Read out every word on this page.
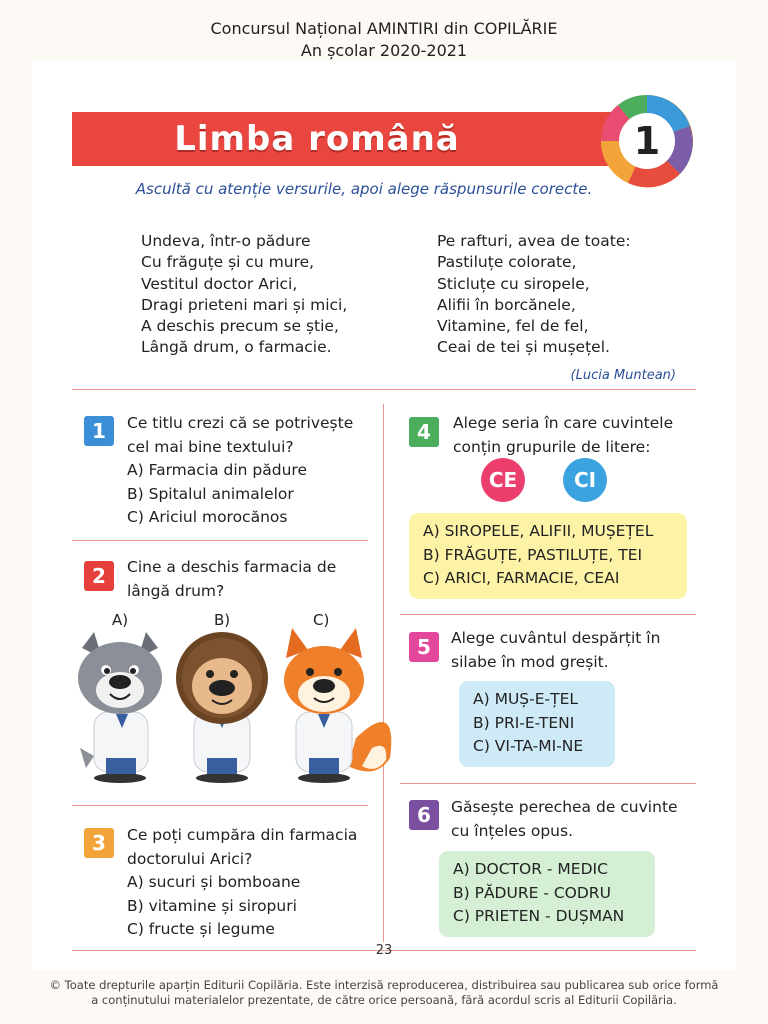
Concursul Național AMINTIRI din COPILĂRIE
An școlar 2020-2021
Limba română	1
Ascultă cu atenție versurile, apoi alege răspunsurile corecte.
Undeva, într-o pădure
Cu frăguțe și cu mure,
Vestitul doctor Arici,
Dragi prieteni mari și mici,
A deschis precum se știe,
Lângă drum, o farmacie.
Pe rafturi, avea de toate:
Pastiluțe colorate,
Sticluțe cu siropele,
Alifii în borcănele,
Vitamine, fel de fel,
Ceai de tei și mușețel.
(Lucia Muntean)
1	Ce titlu crezi că se potrivește
cel mai bine textului?
A) Farmacia din pădure
B) Spitalul animalelor
C) Ariciul morocănos
2	Cine a deschis farmacia de
lângă drum?
A)	B)	C)
3	Ce poți cumpăra din farmacia
doctorului Arici?
A) sucuri și bomboane
B) vitamine și siropuri
C) fructe și legume
4	Alege seria în care cuvintele
conțin grupurile de litere:
CE	CI
A) SIROPELE, ALIFII, MUȘEȚEL
B) FRĂGUȚE, PASTILUȚE, TEI
C) ARICI, FARMACIE, CEAI
5	Alege cuvântul despărțit în
silabe în mod greșit.
A) MUȘ-E-ȚEL
B) PRI-E-TENI
C) VI-TA-MI-NE
6	Găsește perechea de cuvinte
cu înțeles opus.
A) DOCTOR - MEDIC
B) PĂDURE - CODRU
C) PRIETEN - DUȘMAN
23
© Toate drepturile aparțin Editurii Copilăria. Este interzisă reproducerea, distribuirea sau publicarea sub orice formă
a conținutului materialelor prezentate, de către orice persoană, fără acordul scris al Editurii Copilăria.
